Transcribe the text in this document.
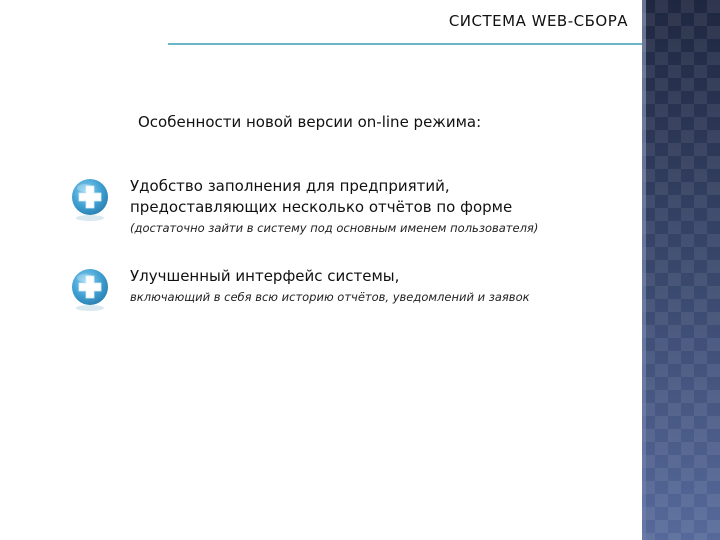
СИСТЕМА WEB-СБОРА
Особенности новой версии on-line режима:
Удобство заполнения для предприятий,
предоставляющих несколько отчётов по форме
(достаточно зайти в систему под основным именем пользователя)
Улучшенный интерфейс системы,
включающий в себя всю историю отчётов, уведомлений и заявок
